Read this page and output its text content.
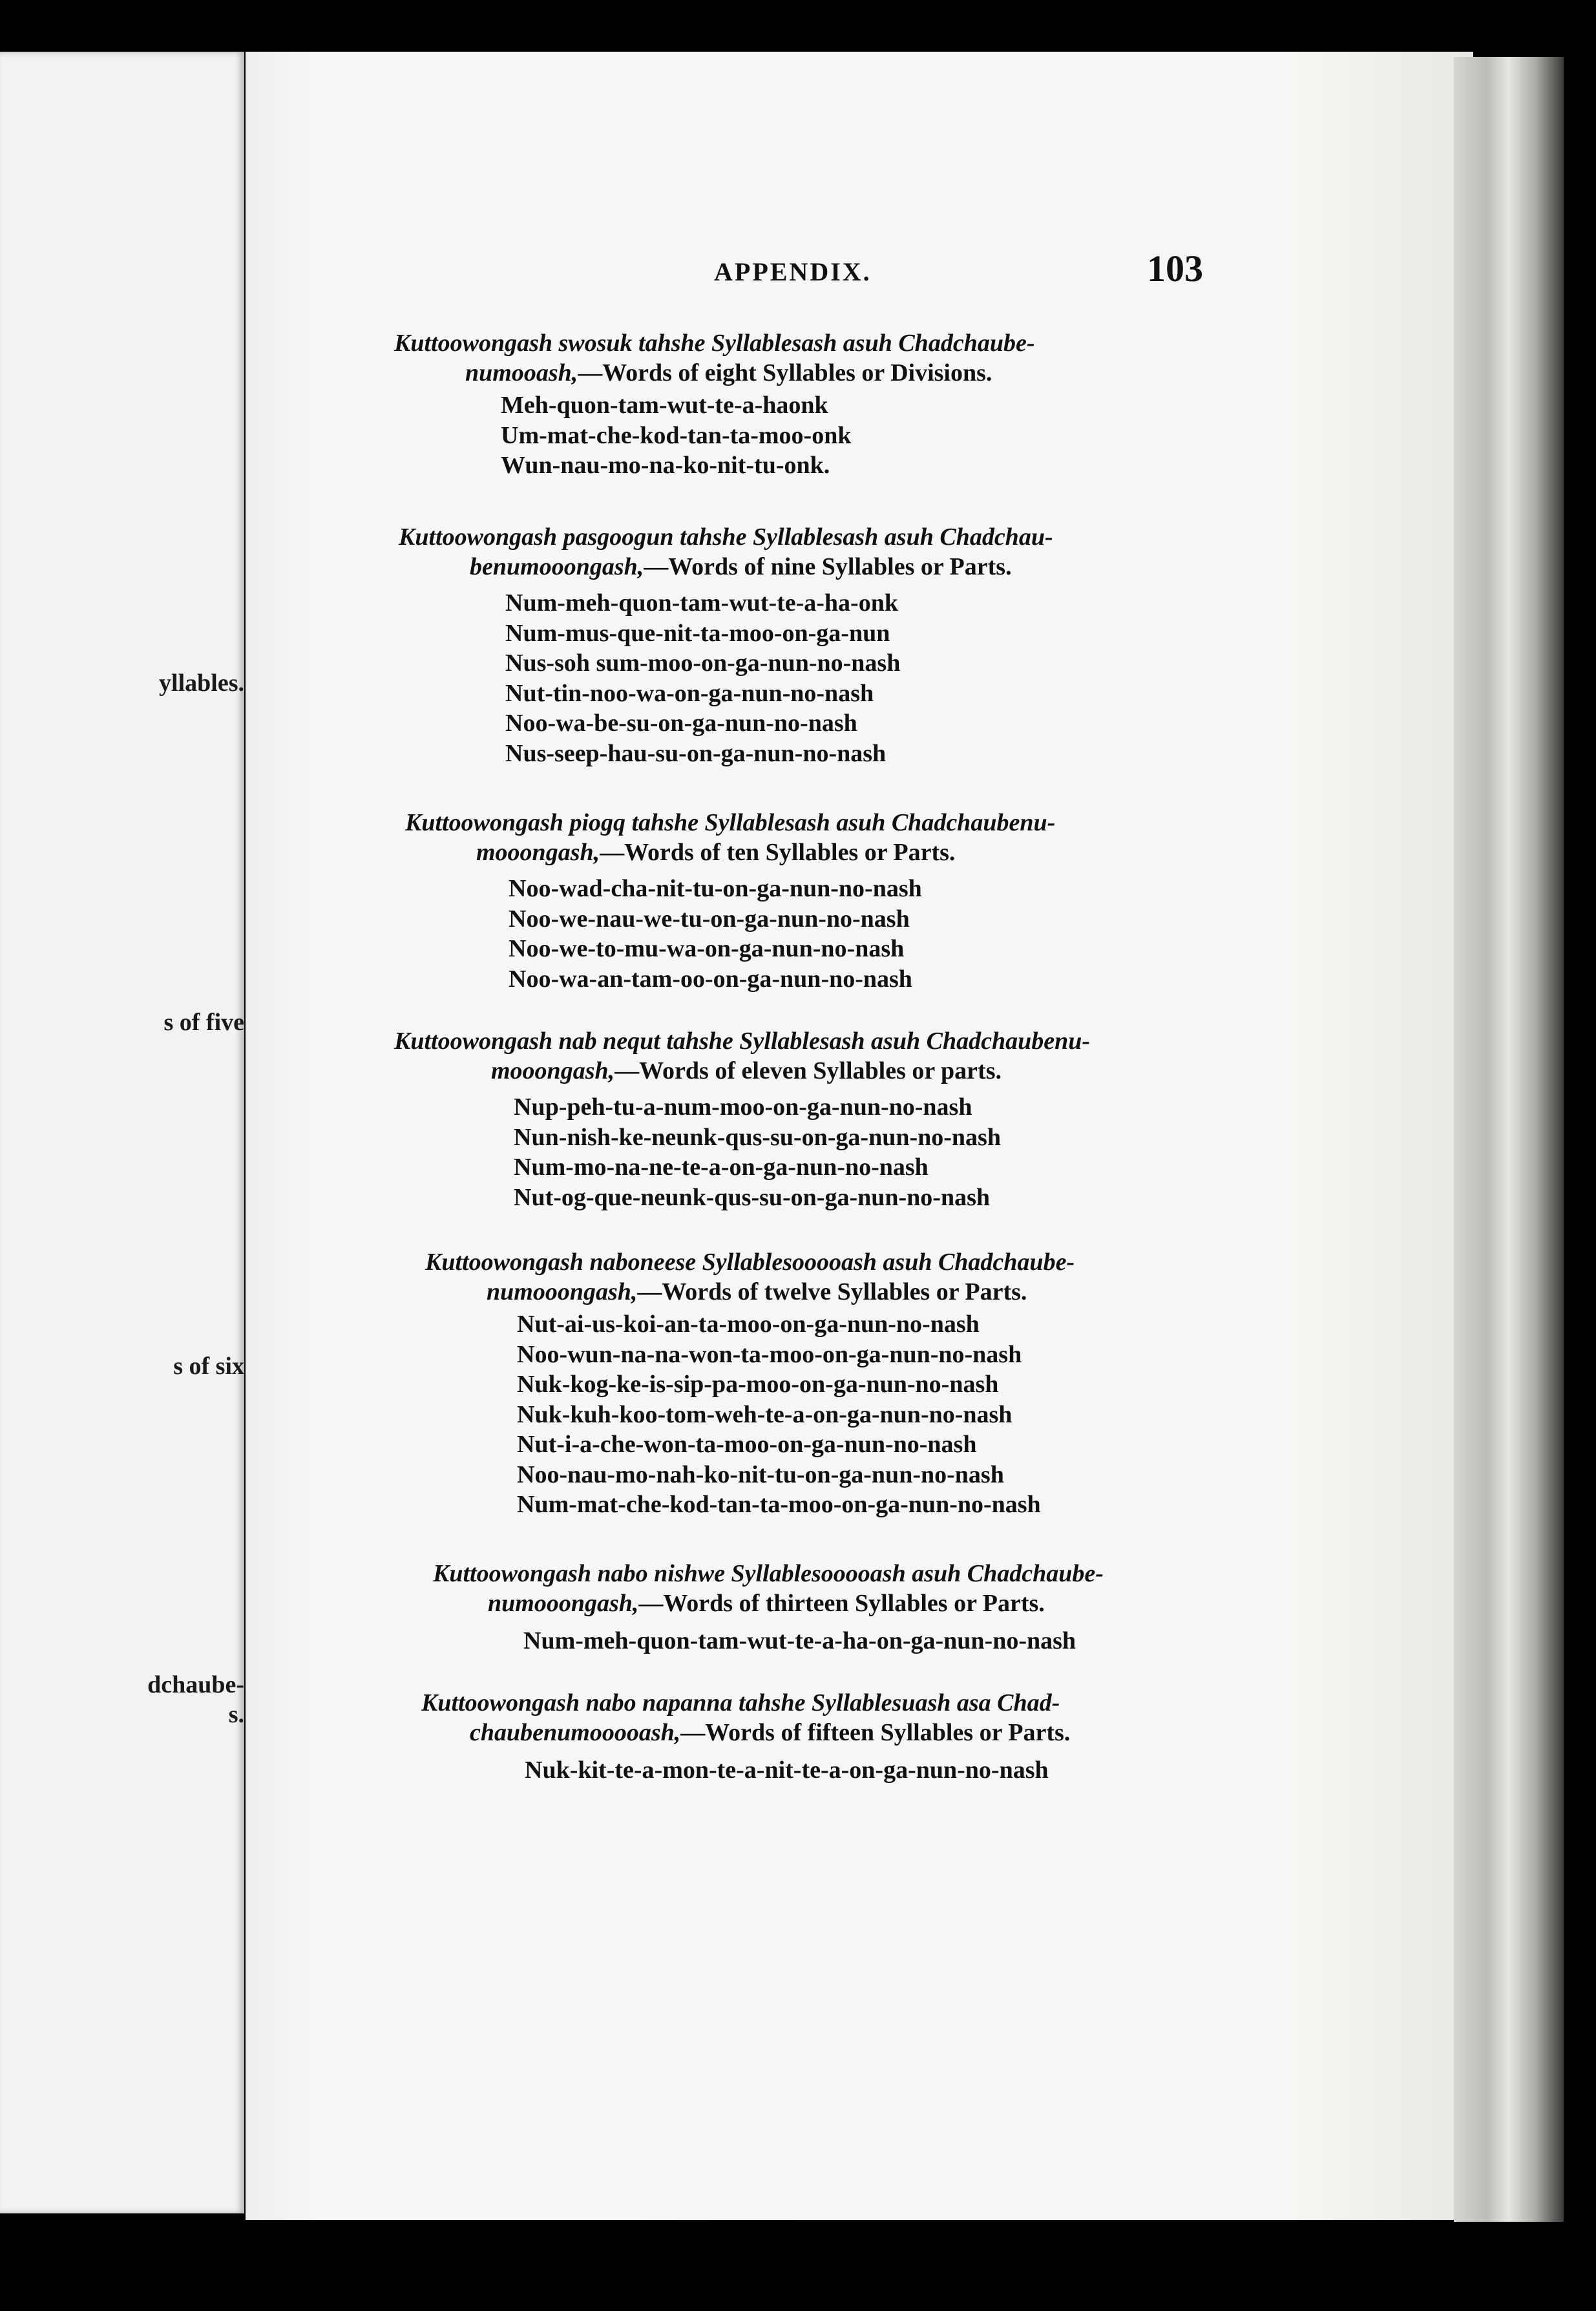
yllables.
s of five
s of six
dchaube-
s.
APPENDIX.	103
Kuttoowongash swosuk tahshe Syllablesash asuh Chadchaube-
numooash,—Words of eight Syllables or Divisions.
Meh-quon-tam-wut-te-a-haonk
Um-mat-che-kod-tan-ta-moo-onk
Wun-nau-mo-na-ko-nit-tu-onk.
Kuttoowongash pasgoogun tahshe Syllablesash asuh Chadchau-
benumooongash,—Words of nine Syllables or Parts.
Num-meh-quon-tam-wut-te-a-ha-onk
Num-mus-que-nit-ta-moo-on-ga-nun
Nus-soh sum-moo-on-ga-nun-no-nash
Nut-tin-noo-wa-on-ga-nun-no-nash
Noo-wa-be-su-on-ga-nun-no-nash
Nus-seep-hau-su-on-ga-nun-no-nash
Kuttoowongash piogq tahshe Syllablesash asuh Chadchaubenu-
mooongash,—Words of ten Syllables or Parts.
Noo-wad-cha-nit-tu-on-ga-nun-no-nash
Noo-we-nau-we-tu-on-ga-nun-no-nash
Noo-we-to-mu-wa-on-ga-nun-no-nash
Noo-wa-an-tam-oo-on-ga-nun-no-nash
Kuttoowongash nab nequt tahshe Syllablesash asuh Chadchaubenu-
mooongash,—Words of eleven Syllables or parts.
Nup-peh-tu-a-num-moo-on-ga-nun-no-nash
Nun-nish-ke-neunk-qus-su-on-ga-nun-no-nash
Num-mo-na-ne-te-a-on-ga-nun-no-nash
Nut-og-que-neunk-qus-su-on-ga-nun-no-nash
Kuttoowongash naboneese Syllablesooooash asuh Chadchaube-
numooongash,—Words of twelve Syllables or Parts.
Nut-ai-us-koi-an-ta-moo-on-ga-nun-no-nash
Noo-wun-na-na-won-ta-moo-on-ga-nun-no-nash
Nuk-kog-ke-is-sip-pa-moo-on-ga-nun-no-nash
Nuk-kuh-koo-tom-weh-te-a-on-ga-nun-no-nash
Nut-i-a-che-won-ta-moo-on-ga-nun-no-nash
Noo-nau-mo-nah-ko-nit-tu-on-ga-nun-no-nash
Num-mat-che-kod-tan-ta-moo-on-ga-nun-no-nash
Kuttoowongash nabo nishwe Syllablesooooash asuh Chadchaube-
numooongash,—Words of thirteen Syllables or Parts.
Num-meh-quon-tam-wut-te-a-ha-on-ga-nun-no-nash
Kuttoowongash nabo napanna tahshe Syllablesuash asa Chad-
chaubenumooooash,—Words of fifteen Syllables or Parts.
Nuk-kit-te-a-mon-te-a-nit-te-a-on-ga-nun-no-nash
